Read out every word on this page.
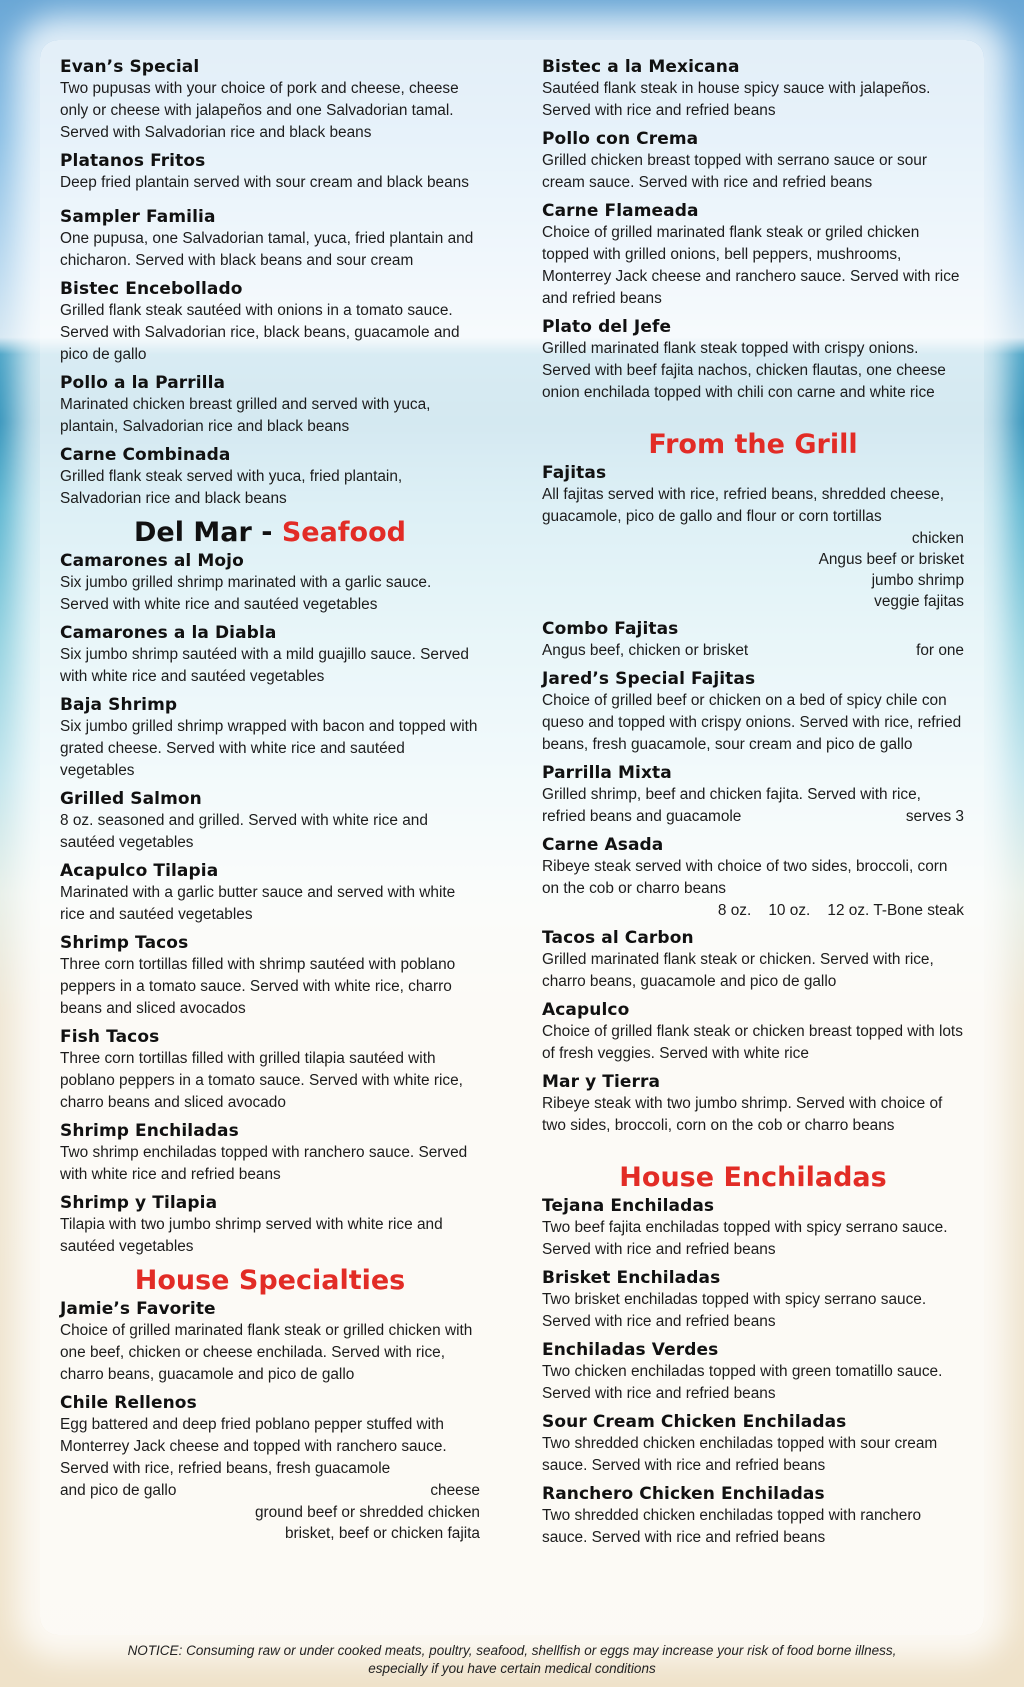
Evan’s Special
Two pupusas with your choice of pork and cheese, cheese only or cheese with jalapeños and one Salvadorian tamal. Served with Salvadorian rice and black beans
Platanos Fritos
Deep fried plantain served with sour cream and black beans
Sampler Familia
One pupusa, one Salvadorian tamal, yuca, fried plantain and chicharon. Served with black beans and sour cream
Bistec Encebollado
Grilled flank steak sautéed with onions in a tomato sauce. Served with Salvadorian rice, black beans, guacamole and pico de gallo
Pollo a la Parrilla
Marinated chicken breast grilled and served with yuca, plantain, Salvadorian rice and black beans
Carne Combinada
Grilled flank steak served with yuca, fried plantain, Salvadorian rice and black beans
Del Mar - Seafood
Camarones al Mojo
Six jumbo grilled shrimp marinated with a garlic sauce. Served with white rice and sautéed vegetables
Camarones a la Diabla
Six jumbo shrimp sautéed with a mild guajillo sauce. Served with white rice and sautéed vegetables
Baja Shrimp
Six jumbo grilled shrimp wrapped with bacon and topped with grated cheese. Served with white rice and sautéed vegetables
Grilled Salmon
8 oz. seasoned and grilled. Served with white rice and sautéed vegetables
Acapulco Tilapia
Marinated with a garlic butter sauce and served with white rice and sautéed vegetables
Shrimp Tacos
Three corn tortillas filled with shrimp sautéed with poblano peppers in a tomato sauce. Served with white rice, charro beans and sliced avocados
Fish Tacos
Three corn tortillas filled with grilled tilapia sautéed with poblano peppers in a tomato sauce. Served with white rice, charro beans and sliced avocado
Shrimp Enchiladas
Two shrimp enchiladas topped with ranchero sauce. Served with white rice and refried beans
Shrimp y Tilapia
Tilapia with two jumbo shrimp served with white rice and sautéed vegetables
House Specialties
Jamie’s Favorite
Choice of grilled marinated flank steak or grilled chicken with one beef, chicken or cheese enchilada. Served with rice, charro beans, guacamole and pico de gallo
Chile Rellenos
Egg battered and deep fried poblano pepper stuffed with Monterrey Jack cheese and topped with ranchero sauce. Served with rice, refried beans, fresh guacamole
and pico de gallo	cheese
ground beef or shredded chicken
brisket, beef or chicken fajita
Bistec a la Mexicana
Sautéed flank steak in house spicy sauce with jalapeños. Served with rice and refried beans
Pollo con Crema
Grilled chicken breast topped with serrano sauce or sour cream sauce. Served with rice and refried beans
Carne Flameada
Choice of grilled marinated flank steak or griled chicken topped with grilled onions, bell peppers, mushrooms, Monterrey Jack cheese and ranchero sauce. Served with rice and refried beans
Plato del Jefe
Grilled marinated flank steak topped with crispy onions. Served with beef fajita nachos, chicken flautas, one cheese onion enchilada topped with chili con carne and white rice
From the Grill
Fajitas
All fajitas served with rice, refried beans, shredded cheese, guacamole, pico de gallo and flour or corn tortillas
chicken
Angus beef or brisket
jumbo shrimp
veggie fajitas
Combo Fajitas
Angus beef, chicken or brisket	for one
Jared’s Special Fajitas
Choice of grilled beef or chicken on a bed of spicy chile con queso and topped with crispy onions. Served with rice, refried beans, fresh guacamole, sour cream and pico de gallo
Parrilla Mixta
Grilled shrimp, beef and chicken fajita. Served with rice,
refried beans and guacamole	serves 3
Carne Asada
Ribeye steak served with choice of two sides, broccoli, corn on the cob or charro beans
8 oz.    10 oz.    12 oz. T-Bone steak
Tacos al Carbon
Grilled marinated flank steak or chicken. Served with rice, charro beans, guacamole and pico de gallo
Acapulco
Choice of grilled flank steak or chicken breast topped with lots of fresh veggies. Served with white rice
Mar y Tierra
Ribeye steak with two jumbo shrimp. Served with choice of two sides, broccoli, corn on the cob or charro beans
House Enchiladas
Tejana Enchiladas
Two beef fajita enchiladas topped with spicy serrano sauce. Served with rice and refried beans
Brisket Enchiladas
Two brisket enchiladas topped with spicy serrano sauce. Served with rice and refried beans
Enchiladas Verdes
Two chicken enchiladas topped with green tomatillo sauce. Served with rice and refried beans
Sour Cream Chicken Enchiladas
Two shredded chicken enchiladas topped with sour cream sauce. Served with rice and refried beans
Ranchero Chicken Enchiladas
Two shredded chicken enchiladas topped with ranchero sauce. Served with rice and refried beans
NOTICE: Consuming raw or under cooked meats, poultry, seafood, shellfish or eggs may increase your risk of food borne illness,
especially if you have certain medical conditions
